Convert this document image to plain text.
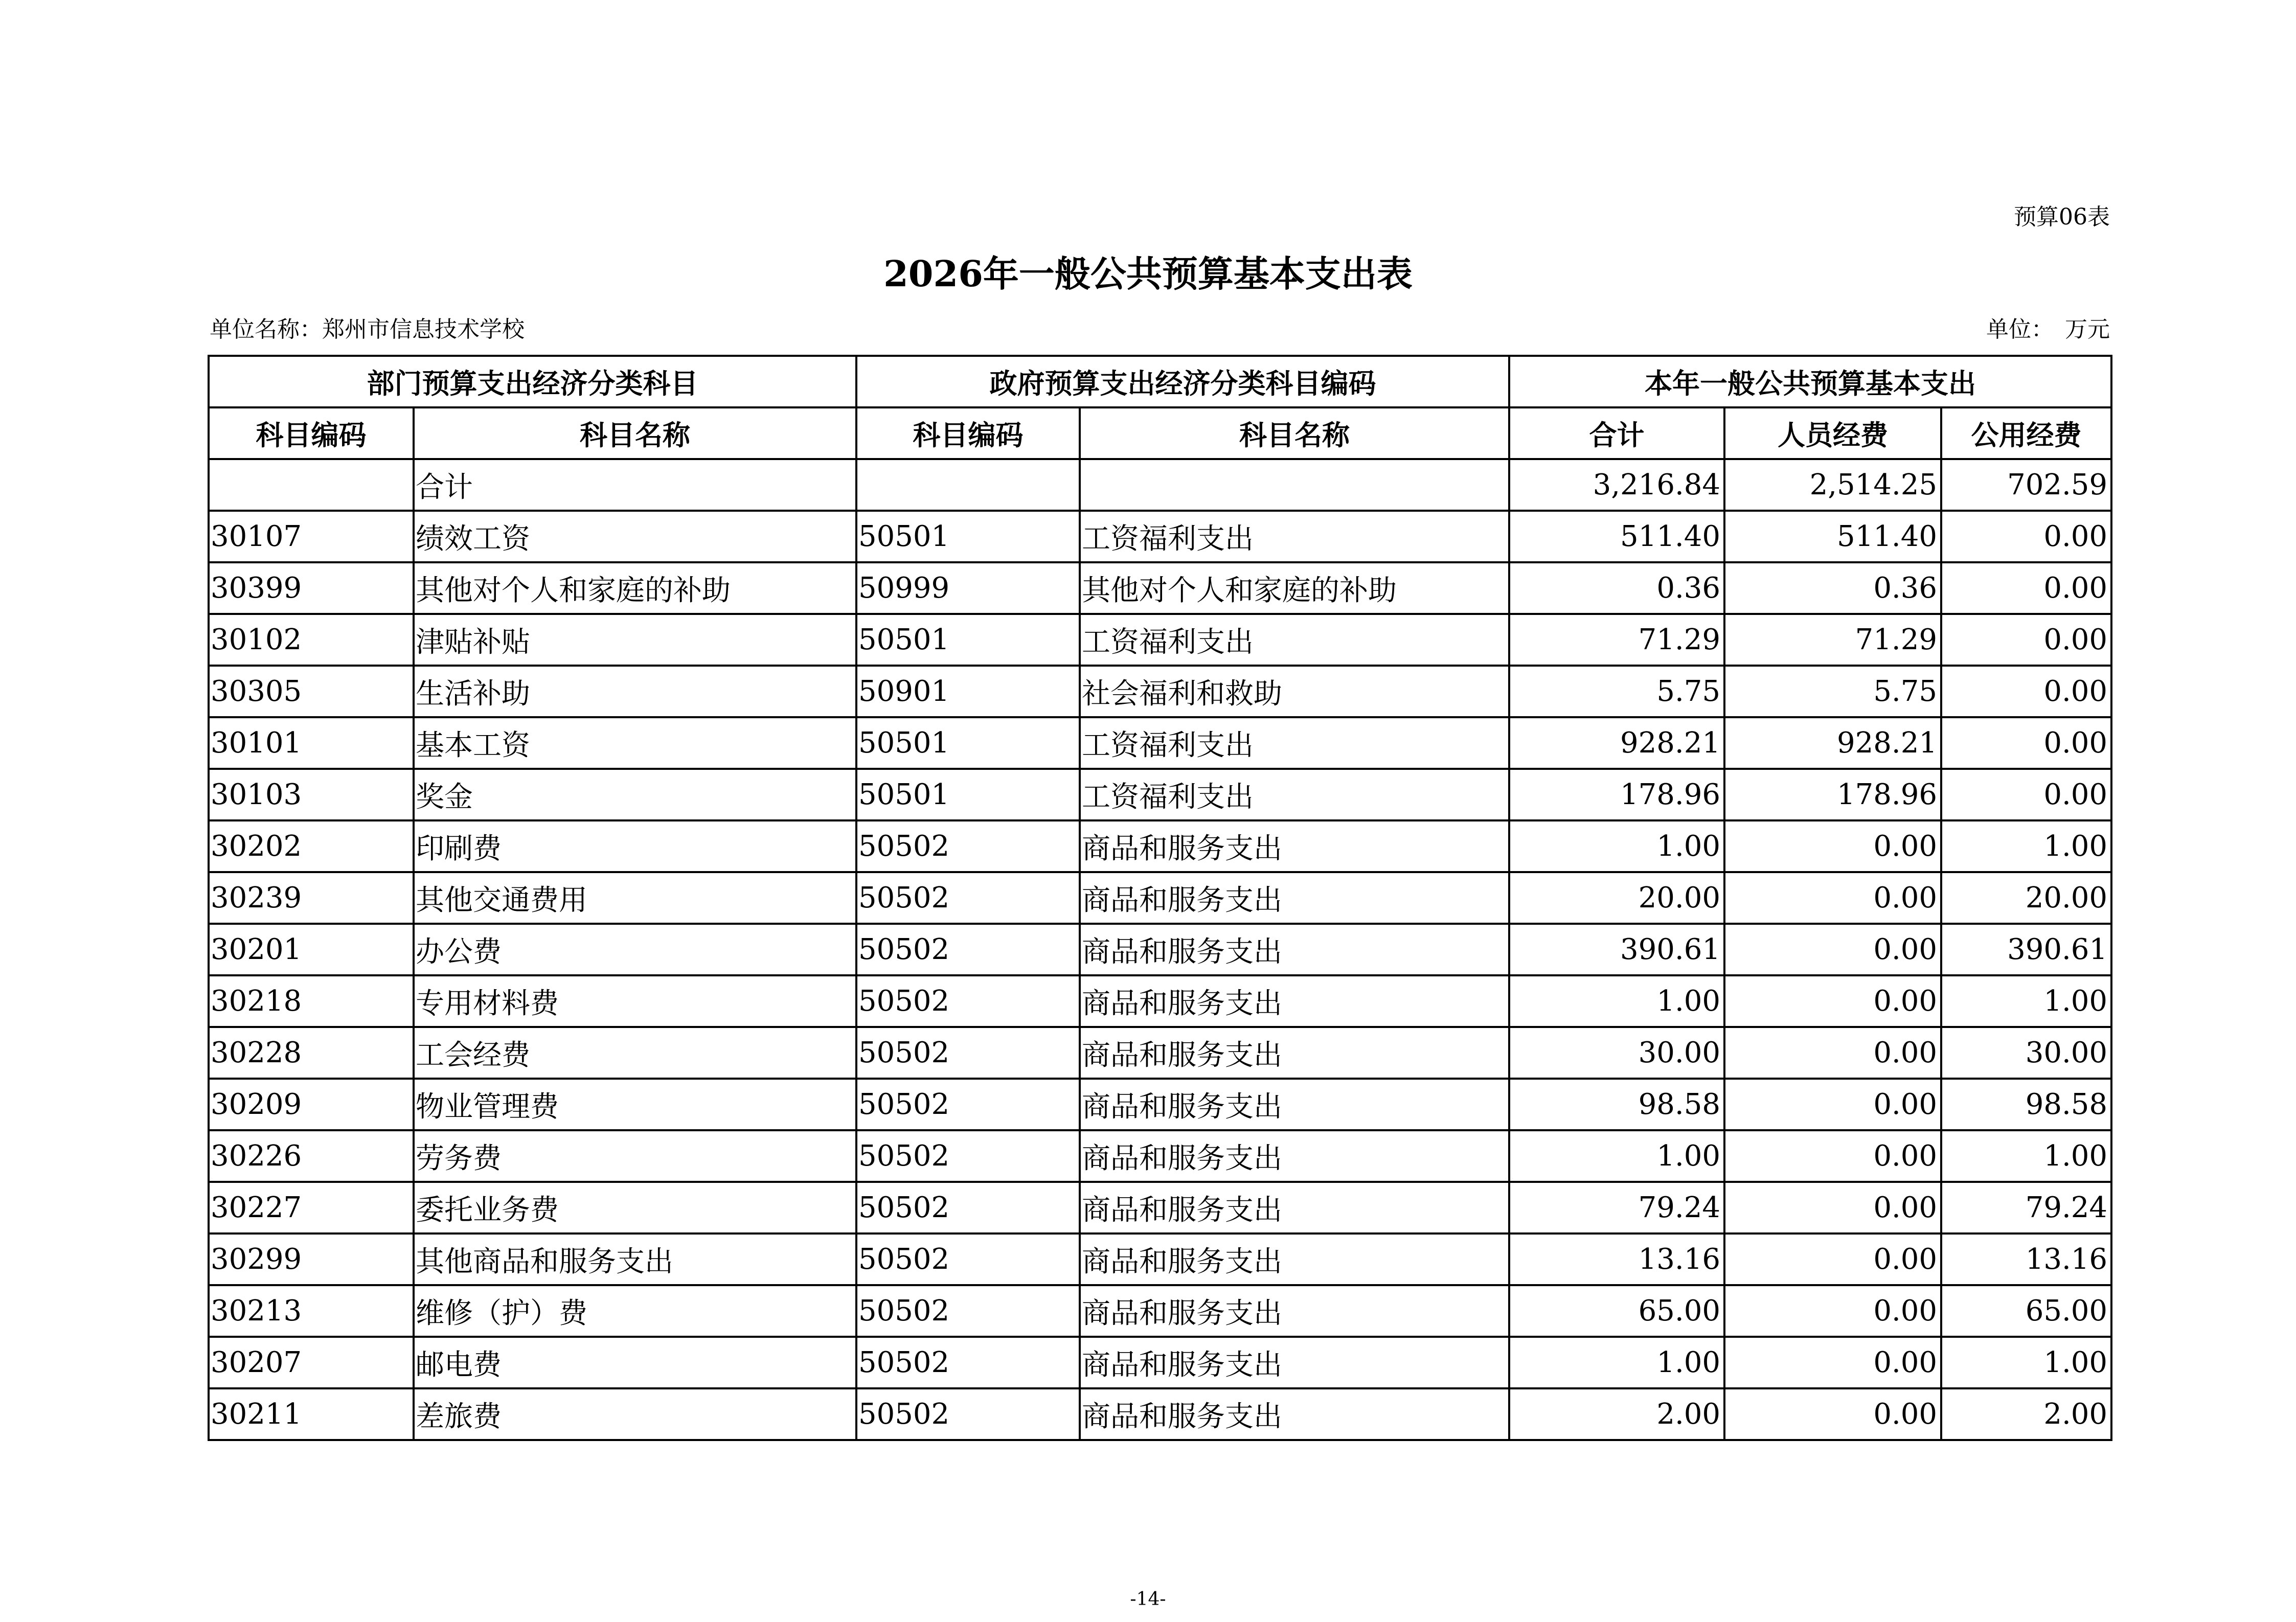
预算06表
2026年一般公共预算基本支出表
单位名称：郑州市信息技术学校	单位：　万元
部门预算支出经济分类科目		政府预算支出经济分类科目编码		本年一般公共预算基本支出		
科目编码	科目名称	科目编码	科目名称	合计	人员经费	公用经费
	合计			3,216.84	2,514.25	702.59
30107	绩效工资	50501	工资福利支出	511.40	511.40	0.00
30399	其他对个人和家庭的补助	50999	其他对个人和家庭的补助	0.36	0.36	0.00
30102	津贴补贴	50501	工资福利支出	71.29	71.29	0.00
30305	生活补助	50901	社会福利和救助	5.75	5.75	0.00
30101	基本工资	50501	工资福利支出	928.21	928.21	0.00
30103	奖金	50501	工资福利支出	178.96	178.96	0.00
30202	印刷费	50502	商品和服务支出	1.00	0.00	1.00
30239	其他交通费用	50502	商品和服务支出	20.00	0.00	20.00
30201	办公费	50502	商品和服务支出	390.61	0.00	390.61
30218	专用材料费	50502	商品和服务支出	1.00	0.00	1.00
30228	工会经费	50502	商品和服务支出	30.00	0.00	30.00
30209	物业管理费	50502	商品和服务支出	98.58	0.00	98.58
30226	劳务费	50502	商品和服务支出	1.00	0.00	1.00
30227	委托业务费	50502	商品和服务支出	79.24	0.00	79.24
30299	其他商品和服务支出	50502	商品和服务支出	13.16	0.00	13.16
30213	维修（护）费	50502	商品和服务支出	65.00	0.00	65.00
30207	邮电费	50502	商品和服务支出	1.00	0.00	1.00
30211	差旅费	50502	商品和服务支出	2.00	0.00	2.00
-14-
